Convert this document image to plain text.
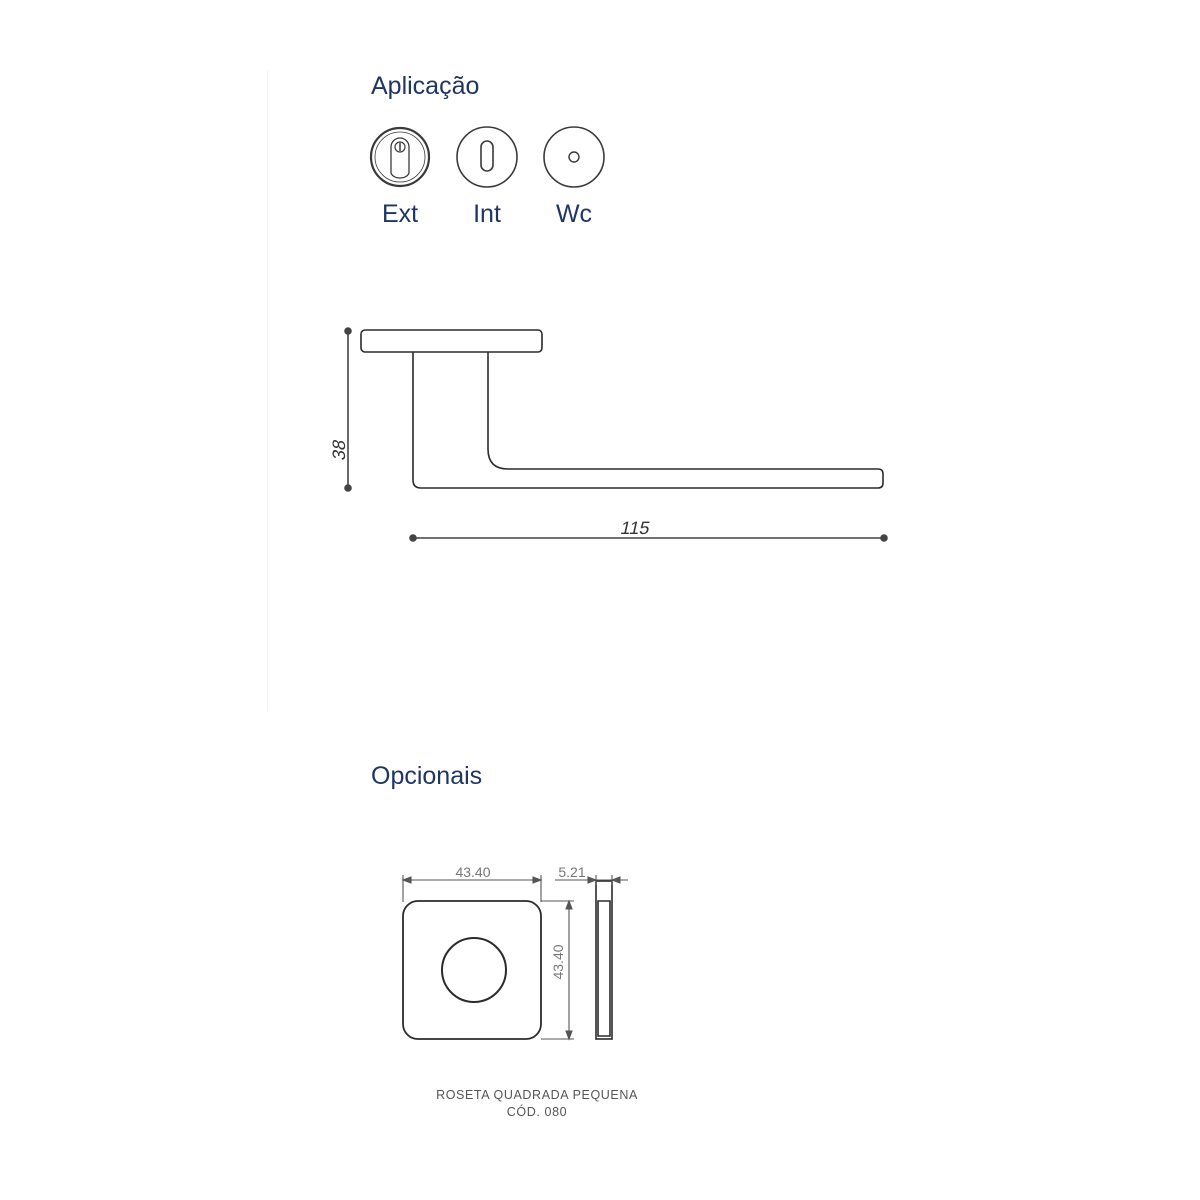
Aplicação
38
115
43.40	5.21
43.40
Ext	Int	Wc
Opcionais
ROSETA QUADRADA PEQUENA
CÓD. 080
